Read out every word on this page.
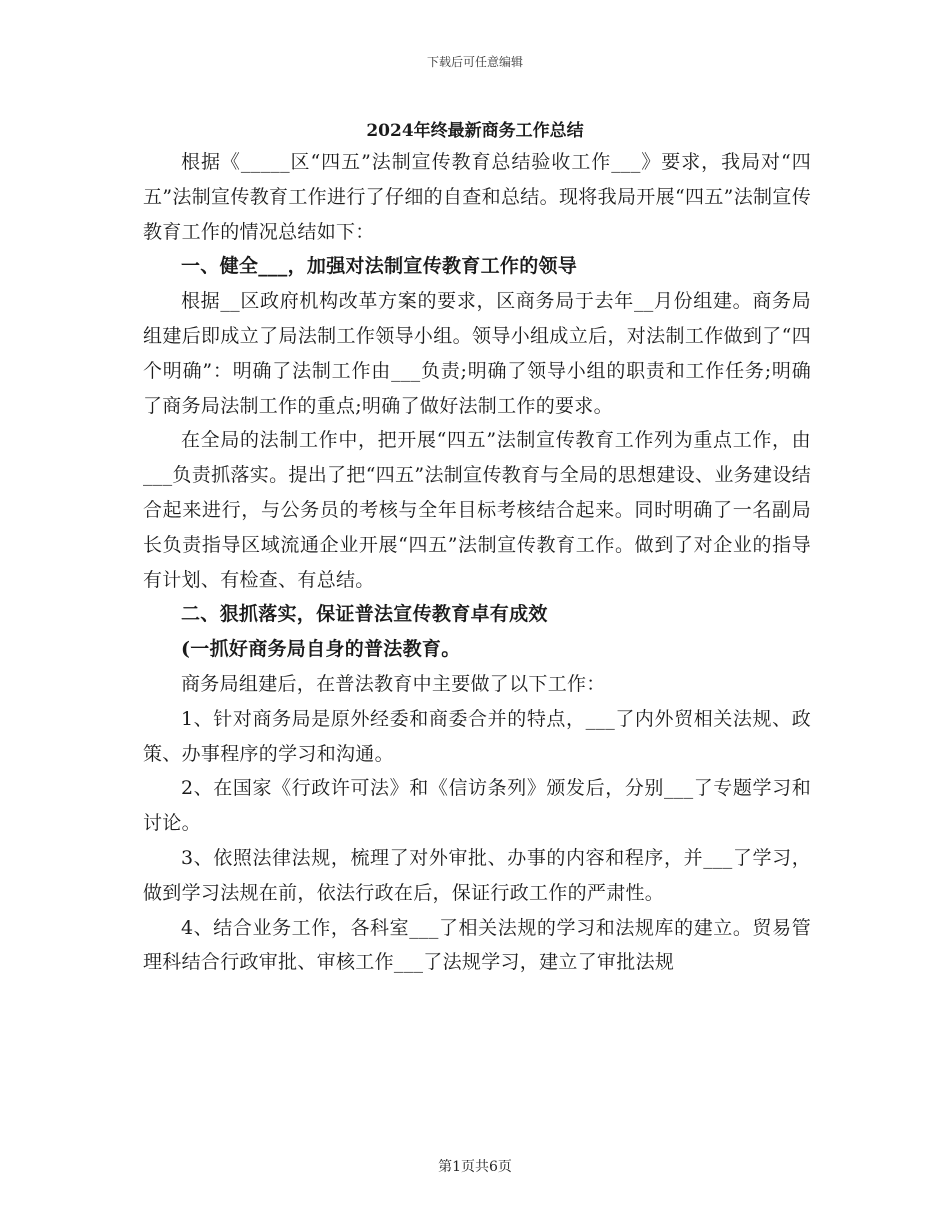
下载后可任意编辑
2024年终最新商务工作总结

根据《_____区“四五”法制宣传教育总结验收工作___》要求，我局对“四五”法制宣传教育工作进行了仔细的自查和总结。现将我局开展“四五”法制宣传教育工作的情况总结如下：

一、健全___，加强对法制宣传教育工作的领导

根据__区政府机构改革方案的要求，区商务局于去年__月份组建。商务局组建后即成立了局法制工作领导小组。领导小组成立后，对法制工作做到了“四个明确”：明确了法制工作由___负责;明确了领导小组的职责和工作任务;明确了商务局法制工作的重点;明确了做好法制工作的要求。

在全局的法制工作中，把开展“四五”法制宣传教育工作列为重点工作，由___负责抓落实。提出了把“四五”法制宣传教育与全局的思想建设、业务建设结合起来进行，与公务员的考核与全年目标考核结合起来。同时明确了一名副局长负责指导区域流通企业开展“四五”法制宣传教育工作。做到了对企业的指导有计划、有检查、有总结。

二、狠抓落实，保证普法宣传教育卓有成效

(一抓好商务局自身的普法教育。

商务局组建后，在普法教育中主要做了以下工作：

1、针对商务局是原外经委和商委合并的特点，___了内外贸相关法规、政策、办事程序的学习和沟通。

2、在国家《行政许可法》和《信访条列》颁发后，分别___了专题学习和讨论。

3、依照法律法规，梳理了对外审批、办事的内容和程序，并___了学习，做到学习法规在前，依法行政在后，保证行政工作的严肃性。

4、结合业务工作，各科室___了相关法规的学习和法规库的建立。贸易管理科结合行政审批、审核工作___了法规学习，建立了审批法规

第1页共6页
